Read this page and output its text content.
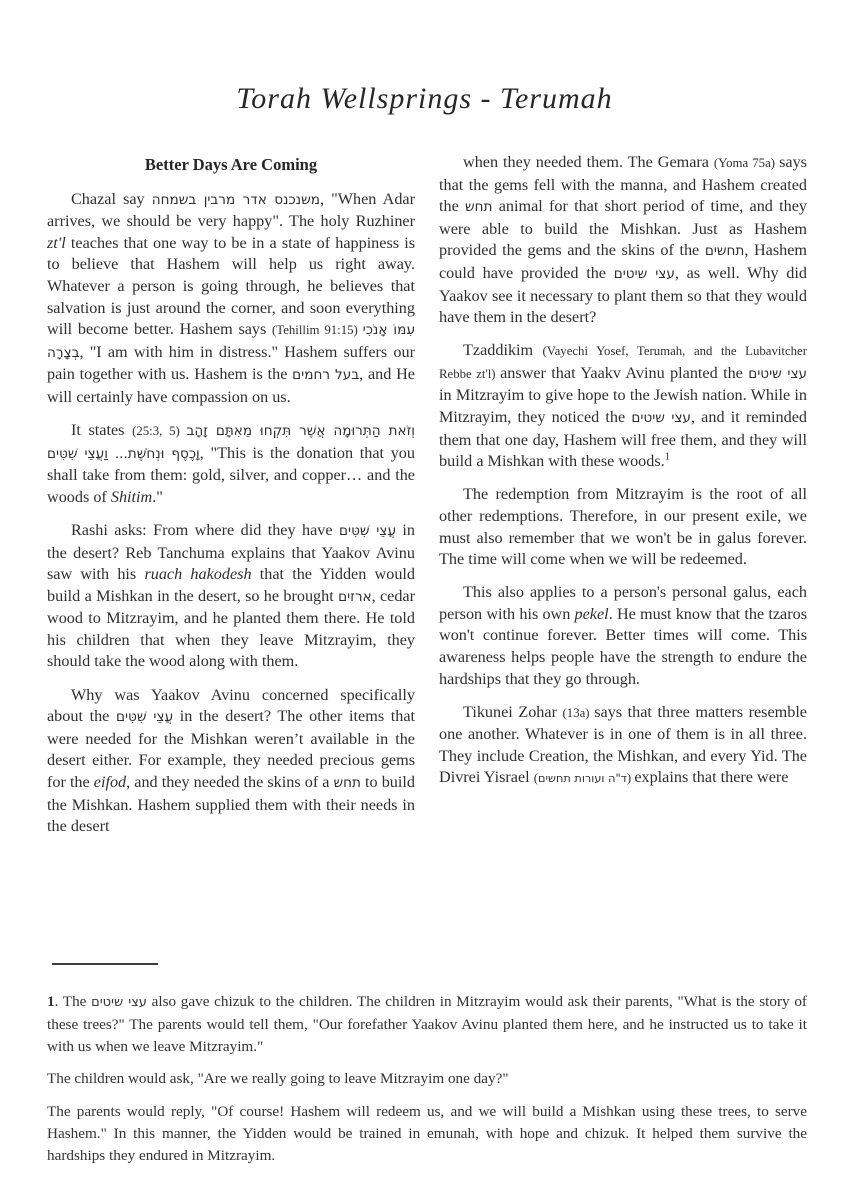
Torah Wellsprings - Terumah
Better Days Are Coming

Chazal say משנכנס אדר מרבין בשמחה, "When Adar arrives, we should be very happy". The holy Ruzhiner zt'l teaches that one way to be in a state of happiness is to believe that Hashem will help us right away. Whatever a person is going through, he believes that salvation is just around the corner, and soon everything will become better. Hashem says (Tehillim 91:15) עִמּוֹ אָנֹכִי בְצָרָה, "I am with him in distress." Hashem suffers our pain together with us. Hashem is the בעל רחמים, and He will certainly have compassion on us.

It states (25:3, 5) וְזֹאת הַתְּרוּמָה אֲשֶׁר תִּקְחוּ מֵאִתָּם זָהָב וָכֶסֶף וּנְחֹשֶׁת... וַעֲצֵי שִׁטִּים, "This is the donation that you shall take from them: gold, silver, and copper… and the woods of Shitim."

Rashi asks: From where did they have עֲצֵי שִׁטִּים in the desert? Reb Tanchuma explains that Yaakov Avinu saw with his ruach hakodesh that the Yidden would build a Mishkan in the desert, so he brought ארזים, cedar wood to Mitzrayim, and he planted them there. He told his children that when they leave Mitzrayim, they should take the wood along with them.

Why was Yaakov Avinu concerned specifically about the עֲצֵי שִׁטִּים in the desert? The other items that were needed for the Mishkan weren’t available in the desert either. For example, they needed precious gems for the eifod, and they needed the skins of a תחש to build the Mishkan. Hashem supplied them with their needs in the desert

when they needed them. The Gemara (Yoma 75a) says that the gems fell with the manna, and Hashem created the תחש animal for that short period of time, and they were able to build the Mishkan. Just as Hashem provided the gems and the skins of the תחשים, Hashem could have provided the עצי שיטים, as well. Why did Yaakov see it necessary to plant them so that they would have them in the desert?

Tzaddikim (Vayechi Yosef, Terumah, and the Lubavitcher Rebbe zt'l) answer that Yaakv Avinu planted the עצי שיטים in Mitzrayim to give hope to the Jewish nation. While in Mitzrayim, they noticed the עצי שיטים, and it reminded them that one day, Hashem will free them, and they will build a Mishkan with these woods.$^1$

The redemption from Mitzrayim is the root of all other redemptions. Therefore, in our present exile, we must also remember that we won't be in galus forever. The time will come when we will be redeemed.

This also applies to a person's personal galus, each person with his own pekel. He must know that the tzaros won't continue forever. Better times will come. This awareness helps people have the strength to endure the hardships that they go through.

Tikunei Zohar (13a) says that three matters resemble one another. Whatever is in one of them is in all three. They include Creation, the Mishkan, and every Yid. The Divrei Yisrael (ד"ה ועורות תחשים) explains that there were

1. The עצי שיטים also gave chizuk to the children. The children in Mitzrayim would ask their parents, "What is the story of these trees?" The parents would tell them, "Our forefather Yaakov Avinu planted them here, and he instructed us to take it with us when we leave Mitzrayim."

The children would ask, "Are we really going to leave Mitzrayim one day?"

The parents would reply, "Of course! Hashem will redeem us, and we will build a Mishkan using these trees, to serve Hashem." In this manner, the Yidden would be trained in emunah, with hope and chizuk. It helped them survive the hardships they endured in Mitzrayim.
